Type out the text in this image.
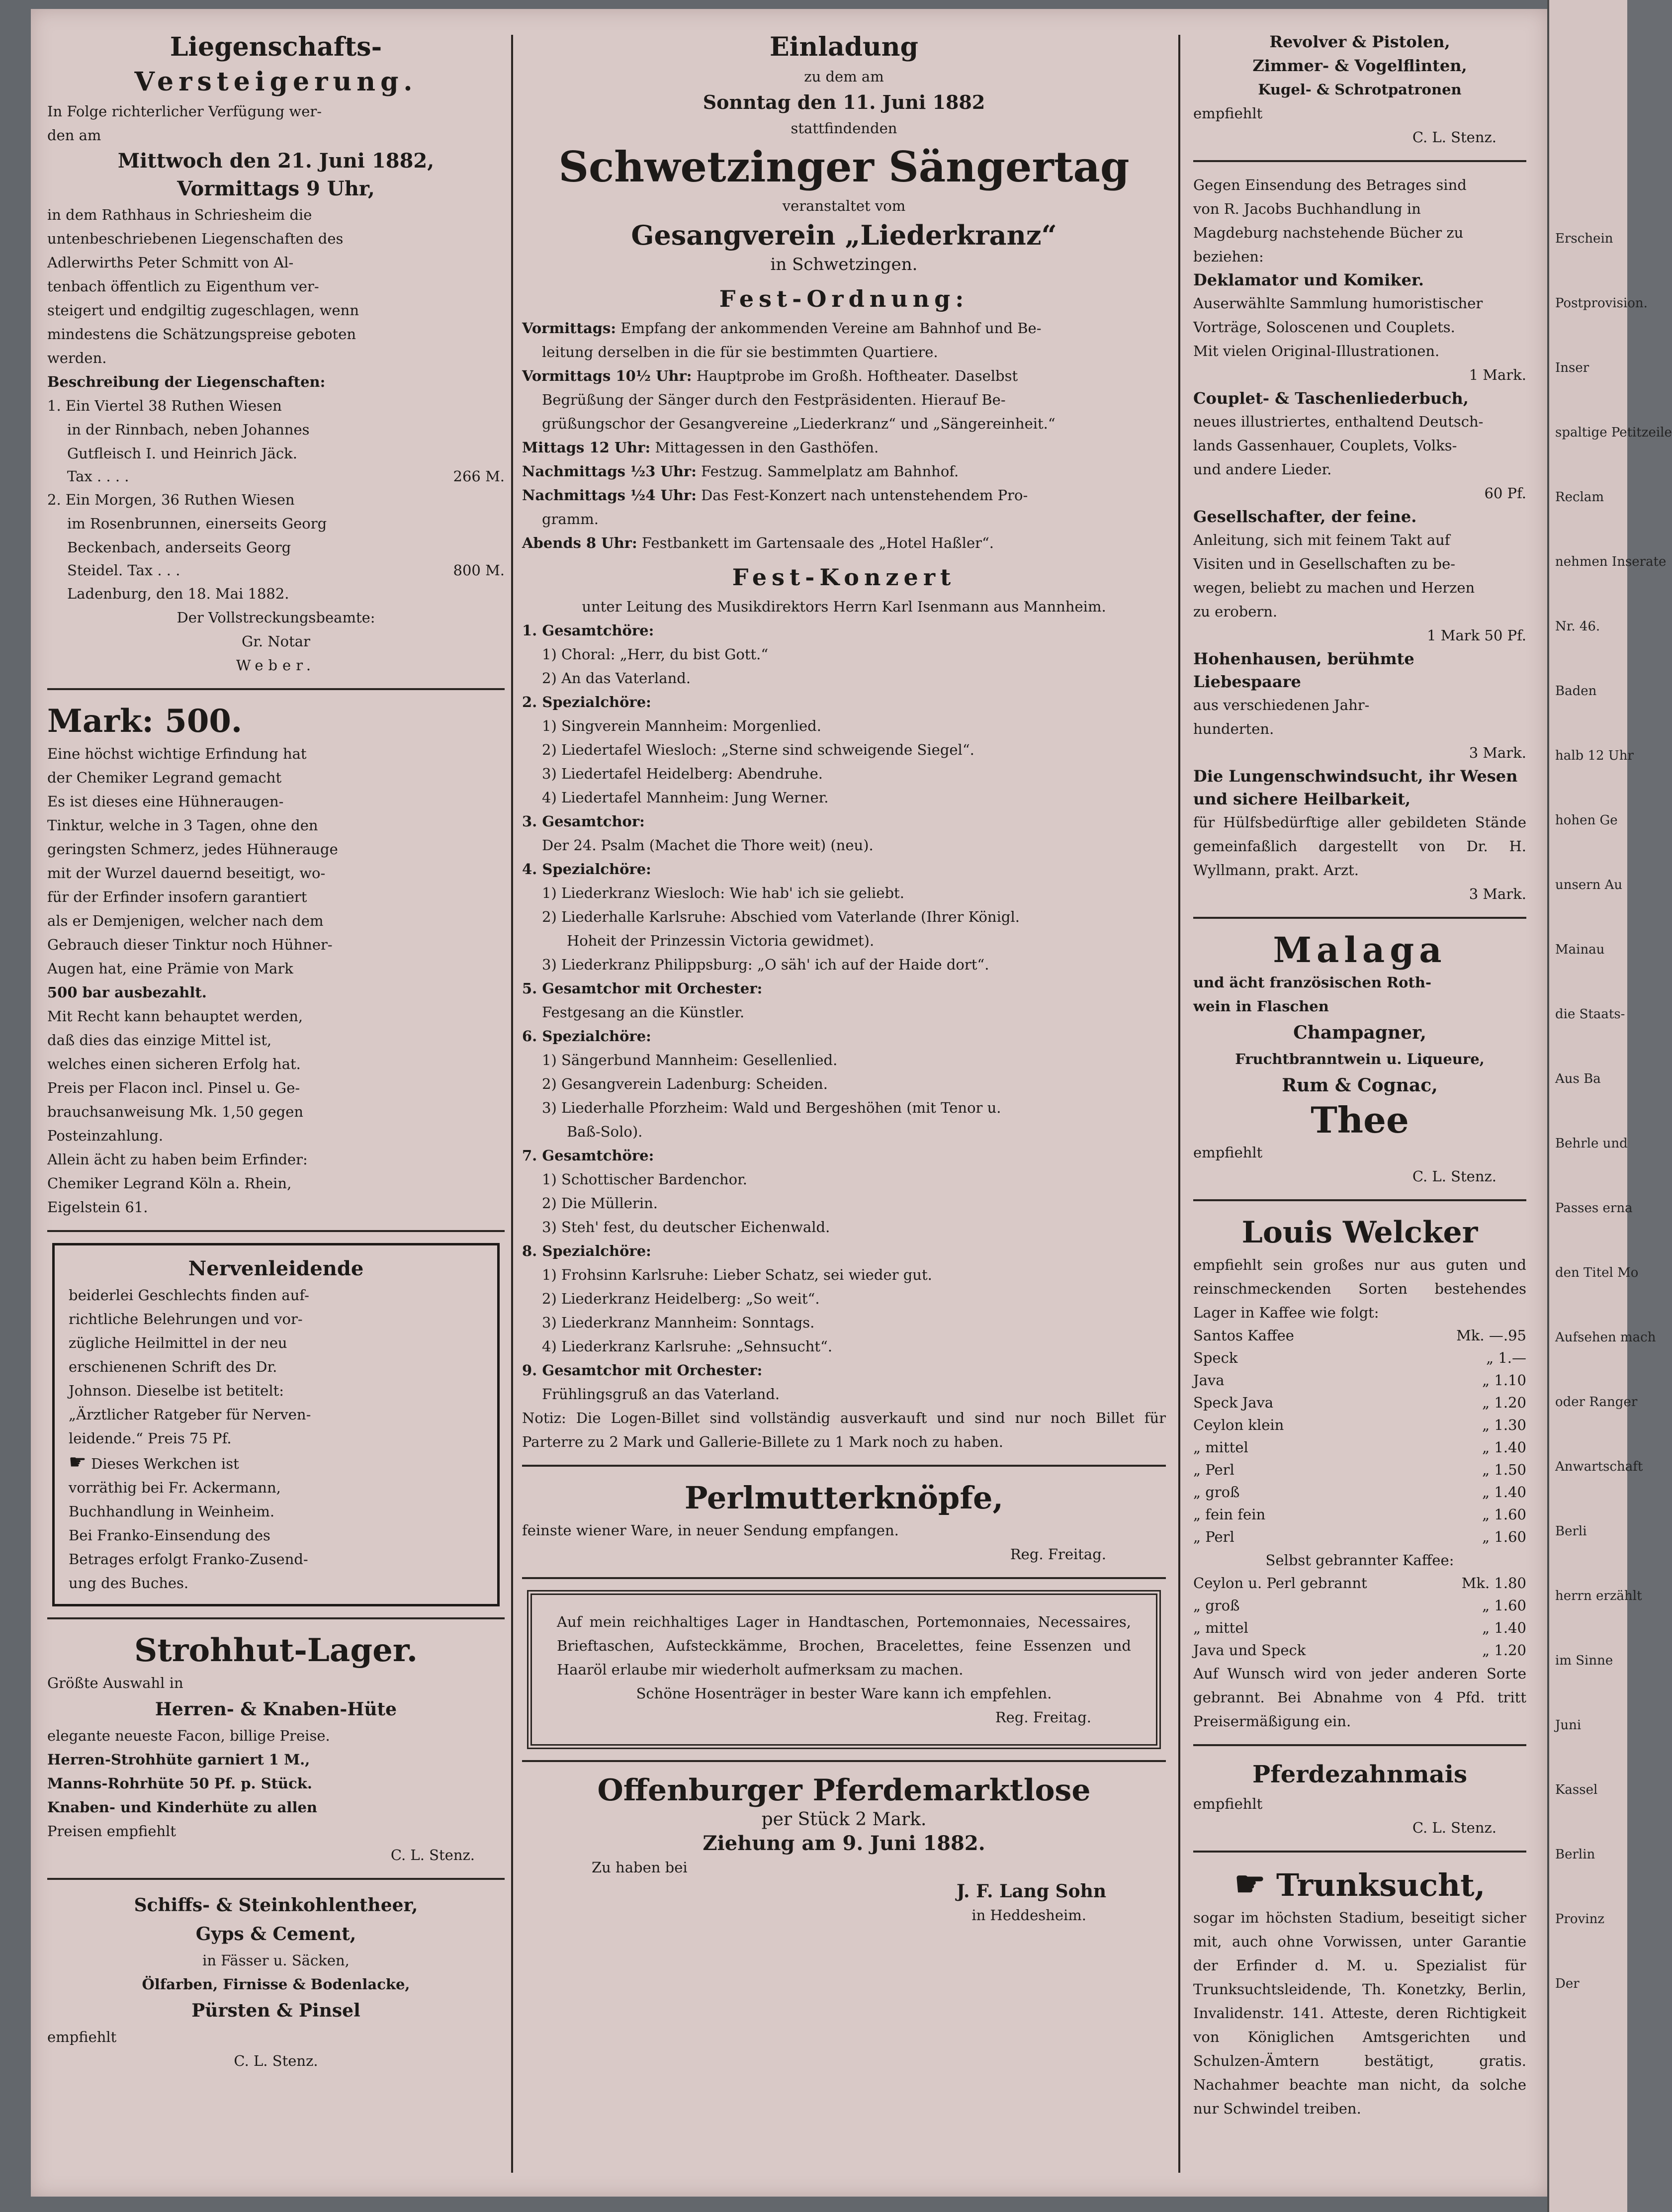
Liegenschafts-

Versteigerung.

In Folge richterlicher Verfügung wer-

den am

Mittwoch den 21. Juni 1882,

Vormittags 9 Uhr,

in dem Rathhaus in Schriesheim die

untenbeschriebenen Liegenschaften des

Adlerwirths Peter Schmitt von Al-

tenbach öffentlich zu Eigenthum ver-

steigert und endgiltig zugeschlagen, wenn

mindestens die Schätzungspreise geboten

werden.

Beschreibung der Liegenschaften:

1. Ein Viertel 38 Ruthen Wiesen

in der Rinnbach, neben Johannes

Gutfleisch I. und Heinrich Jäck.

Tax . . . .	266 M.

2. Ein Morgen, 36 Ruthen Wiesen

im Rosenbrunnen, einerseits Georg

Beckenbach, anderseits Georg

Steidel. Tax . . .	800 M.

Ladenburg, den 18. Mai 1882.

Der Vollstreckungsbeamte:

Gr. Notar

Weber.

Mark: 500.

Eine höchst wichtige Erfindung hat

der Chemiker Legrand gemacht

Es ist dieses eine Hühneraugen-

Tinktur, welche in 3 Tagen, ohne den

geringsten Schmerz, jedes Hühnerauge

mit der Wurzel dauernd beseitigt, wo-

für der Erfinder insofern garantiert

als er Demjenigen, welcher nach dem

Gebrauch dieser Tinktur noch Hühner-

Augen hat, eine Prämie von Mark

500 bar ausbezahlt.

Mit Recht kann behauptet werden,

daß dies das einzige Mittel ist,

welches einen sicheren Erfolg hat.

Preis per Flacon incl. Pinsel u. Ge-

brauchsanweisung Mk. 1,50 gegen

Posteinzahlung.

Allein ächt zu haben beim Erfinder:

Chemiker Legrand Köln a. Rhein,

Eigelstein 61.

Nervenleidende

beiderlei Geschlechts finden auf-

richtliche Belehrungen und vor-

zügliche Heilmittel in der neu

erschienenen Schrift des Dr.

Johnson. Dieselbe ist betitelt:

„Ärztlicher Ratgeber für Nerven-

leidende.“ Preis 75 Pf.

☛ Dieses Werkchen ist

vorräthig bei Fr. Ackermann,

Buchhandlung in Weinheim.

Bei Franko-Einsendung des

Betrages erfolgt Franko-Zusend-

ung des Buches.

Strohhut-Lager.

Größte Auswahl in

Herren- & Knaben-Hüte

elegante neueste Facon, billige Preise.

Herren-Strohhüte garniert 1 M.,

Manns-Rohrhüte 50 Pf. p. Stück.

Knaben- und Kinderhüte zu allen

Preisen empfiehlt

C. L. Stenz.

Schiffs- & Steinkohlentheer,

Gyps & Cement,

in Fässer u. Säcken,

Ölfarben, Firnisse & Bodenlacke,

Pürsten & Pinsel

empfiehlt

C. L. Stenz.

Einladung

zu dem am

Sonntag den 11. Juni 1882

stattfindenden

Schwetzinger Sängertag

veranstaltet vom

Gesangverein „Liederkranz“

in Schwetzingen.

Fest-Ordnung:

Vormittags: Empfang der ankommenden Vereine am Bahnhof und Be-

leitung derselben in die für sie bestimmten Quartiere.

Vormittags 10½ Uhr: Hauptprobe im Großh. Hoftheater. Daselbst

Begrüßung der Sänger durch den Festpräsidenten. Hierauf Be-

grüßungschor der Gesangvereine „Liederkranz“ und „Sängereinheit.“

Mittags 12 Uhr: Mittagessen in den Gasthöfen.

Nachmittags ½3 Uhr: Festzug. Sammelplatz am Bahnhof.

Nachmittags ½4 Uhr: Das Fest-Konzert nach untenstehendem Pro-

gramm.

Abends 8 Uhr: Festbankett im Gartensaale des „Hotel Haßler“.

Fest-Konzert

unter Leitung des Musikdirektors Herrn Karl Isenmann aus Mannheim.

1. Gesamtchöre:

1) Choral: „Herr, du bist Gott.“

2) An das Vaterland.

2. Spezialchöre:

1) Singverein Mannheim: Morgenlied.

2) Liedertafel Wiesloch: „Sterne sind schweigende Siegel“.

3) Liedertafel Heidelberg: Abendruhe.

4) Liedertafel Mannheim: Jung Werner.

3. Gesamtchor:

Der 24. Psalm (Machet die Thore weit) (neu).

4. Spezialchöre:

1) Liederkranz Wiesloch: Wie hab' ich sie geliebt.

2) Liederhalle Karlsruhe: Abschied vom Vaterlande (Ihrer Königl.

Hoheit der Prinzessin Victoria gewidmet).

3) Liederkranz Philippsburg: „O säh' ich auf der Haide dort“.

5. Gesamtchor mit Orchester:

Festgesang an die Künstler.

6. Spezialchöre:

1) Sängerbund Mannheim: Gesellenlied.

2) Gesangverein Ladenburg: Scheiden.

3) Liederhalle Pforzheim: Wald und Bergeshöhen (mit Tenor u.

Baß-Solo).

7. Gesamtchöre:

1) Schottischer Bardenchor.

2) Die Müllerin.

3) Steh' fest, du deutscher Eichenwald.

8. Spezialchöre:

1) Frohsinn Karlsruhe: Lieber Schatz, sei wieder gut.

2) Liederkranz Heidelberg: „So weit“.

3) Liederkranz Mannheim: Sonntags.

4) Liederkranz Karlsruhe: „Sehnsucht“.

9. Gesamtchor mit Orchester:

Frühlingsgruß an das Vaterland.

Notiz: Die Logen-Billet sind vollständig ausverkauft und sind nur noch Billet für Parterre zu 2 Mark und Gallerie-Billete zu 1 Mark noch zu haben.

Perlmutterknöpfe,

feinste wiener Ware, in neuer Sendung empfangen.

Reg. Freitag.

Auf mein reichhaltiges Lager in Handtaschen, Portemonnaies, Necessaires, Brieftaschen, Aufsteckkämme, Brochen, Bracelettes, feine Essenzen und Haaröl erlaube mir wiederholt aufmerksam zu machen.

Schöne Hosenträger in bester Ware kann ich empfehlen.

Reg. Freitag.

Offenburger Pferdemarktlose

per Stück 2 Mark.

Ziehung am 9. Juni 1882.

Zu haben bei

J. F. Lang Sohn

in Heddesheim.

Revolver & Pistolen,

Zimmer- & Vogelflinten,

Kugel- & Schrotpatronen

empfiehlt

C. L. Stenz.

Gegen Einsendung des Betrages sind

von R. Jacobs Buchhandlung in

Magdeburg nachstehende Bücher zu

beziehen:

Deklamator und Komiker.

Auserwählte Sammlung humoristischer

Vorträge, Soloscenen und Couplets.

Mit vielen Original-Illustrationen.

1 Mark.

Couplet- & Taschenliederbuch,

neues illustriertes, enthaltend Deutsch-

lands Gassenhauer, Couplets, Volks-

und andere Lieder.

60 Pf.

Gesellschafter, der feine.

Anleitung, sich mit feinem Takt auf

Visiten und in Gesellschaften zu be-

wegen, beliebt zu machen und Herzen

zu erobern.

1 Mark 50 Pf.

Hohenhausen, berühmte Liebespaare

aus verschiedenen Jahr-

hunderten.

3 Mark.

Die Lungenschwindsucht, ihr Wesen und sichere Heilbarkeit,

für Hülfsbedürftige aller gebildeten Stände gemeinfaßlich dargestellt von Dr. H. Wyllmann, prakt. Arzt.

3 Mark.

Malaga

und ächt französischen Roth-

wein in Flaschen

Champagner,

Fruchtbranntwein u. Liqueure,

Rum & Cognac,

Thee

empfiehlt

C. L. Stenz.

Louis Welcker

empfiehlt sein großes nur aus guten und reinschmeckenden Sorten bestehendes Lager in Kaffee wie folgt:

Santos Kaffee	Mk. —.95
Speck	„ 1.—
Java	„ 1.10
Speck Java	„ 1.20
Ceylon klein	„ 1.30
„ mittel	„ 1.40
„ Perl	„ 1.50
„ groß	„ 1.40
„ fein fein	„ 1.60
„ Perl	„ 1.60

Selbst gebrannter Kaffee:

Ceylon u. Perl gebrannt	Mk. 1.80
„ groß	„ 1.60
„ mittel	„ 1.40
Java und Speck	„ 1.20

Auf Wunsch wird von jeder anderen Sorte gebrannt. Bei Abnahme von 4 Pfd. tritt Preisermäßigung ein.

Pferdezahnmais

empfiehlt

C. L. Stenz.

☛ Trunksucht,

sogar im höchsten Stadium, beseitigt sicher mit, auch ohne Vorwissen, unter Garantie der Erfinder d. M. u. Spezialist für Trunksuchtsleidende, Th. Konetzky, Berlin, Invalidenstr. 141. Atteste, deren Richtigkeit von Königlichen Amtsgerichten und Schulzen-Ämtern bestätigt, gratis. Nachahmer beachte man nicht, da solche nur Schwindel treiben.

Erschein
Postprovision.
Inser
spaltige Petitzeile
Reclam
nehmen Inserate
Nr. 46.
Baden
halb 12 Uhr
hohen Ge
unsern Au
Mainau
die Staats-
Aus Ba
Behrle und
Passes erna
den Titel Mo
Aufsehen mach
oder Ranger
Anwartschaft
Berli
herrn erzählt
im Sinne
Juni
Kassel
Berlin
Provinz
Der
